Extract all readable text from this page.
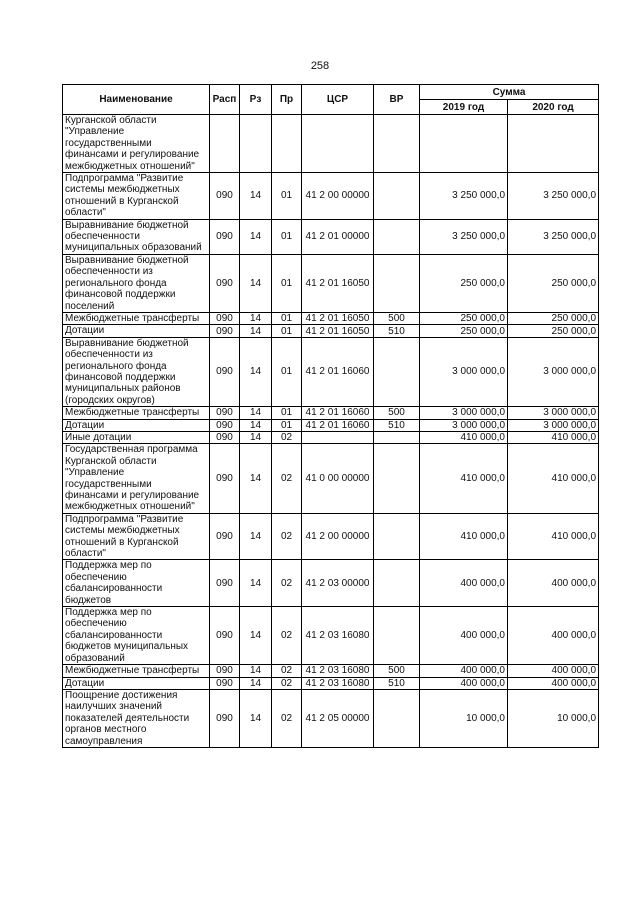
258
Наименование	Расп	Рз	Пр	ЦСР	ВР	Сумма	
						2019 год	2020 год
Курганской области "Управление государственными финансами и регулирование межбюджетных отношений"							
Подпрограмма "Развитие системы межбюджетных отношений в Курганской области"	090	14	01	41 2 00 00000		3 250 000,0	3 250 000,0
Выравнивание бюджетной обеспеченности муниципальных образований	090	14	01	41 2 01 00000		3 250 000,0	3 250 000,0
Выравнивание бюджетной обеспеченности из регионального фонда финансовой поддержки поселений	090	14	01	41 2 01 16050		250 000,0	250 000,0
Межбюджетные трансферты	090	14	01	41 2 01 16050	500	250 000,0	250 000,0
Дотации	090	14	01	41 2 01 16050	510	250 000,0	250 000,0
Выравнивание бюджетной обеспеченности из регионального фонда финансовой поддержки муниципальных районов (городских округов)	090	14	01	41 2 01 16060		3 000 000,0	3 000 000,0
Межбюджетные трансферты	090	14	01	41 2 01 16060	500	3 000 000,0	3 000 000,0
Дотации	090	14	01	41 2 01 16060	510	3 000 000,0	3 000 000,0
Иные дотации	090	14	02			410 000,0	410 000,0
Государственная программа Курганской области "Управление государственными финансами и регулирование межбюджетных отношений"	090	14	02	41 0 00 00000		410 000,0	410 000,0
Подпрограмма "Развитие системы межбюджетных отношений в Курганской области"	090	14	02	41 2 00 00000		410 000,0	410 000,0
Поддержка мер по обеспечению сбалансированности бюджетов	090	14	02	41 2 03 00000		400 000,0	400 000,0
Поддержка мер по обеспечению сбалансированности бюджетов муниципальных образований	090	14	02	41 2 03 16080		400 000,0	400 000,0
Межбюджетные трансферты	090	14	02	41 2 03 16080	500	400 000,0	400 000,0
Дотации	090	14	02	41 2 03 16080	510	400 000,0	400 000,0
Поощрение достижения наилучших значений показателей деятельности органов местного самоуправления	090	14	02	41 2 05 00000		10 000,0	10 000,0
